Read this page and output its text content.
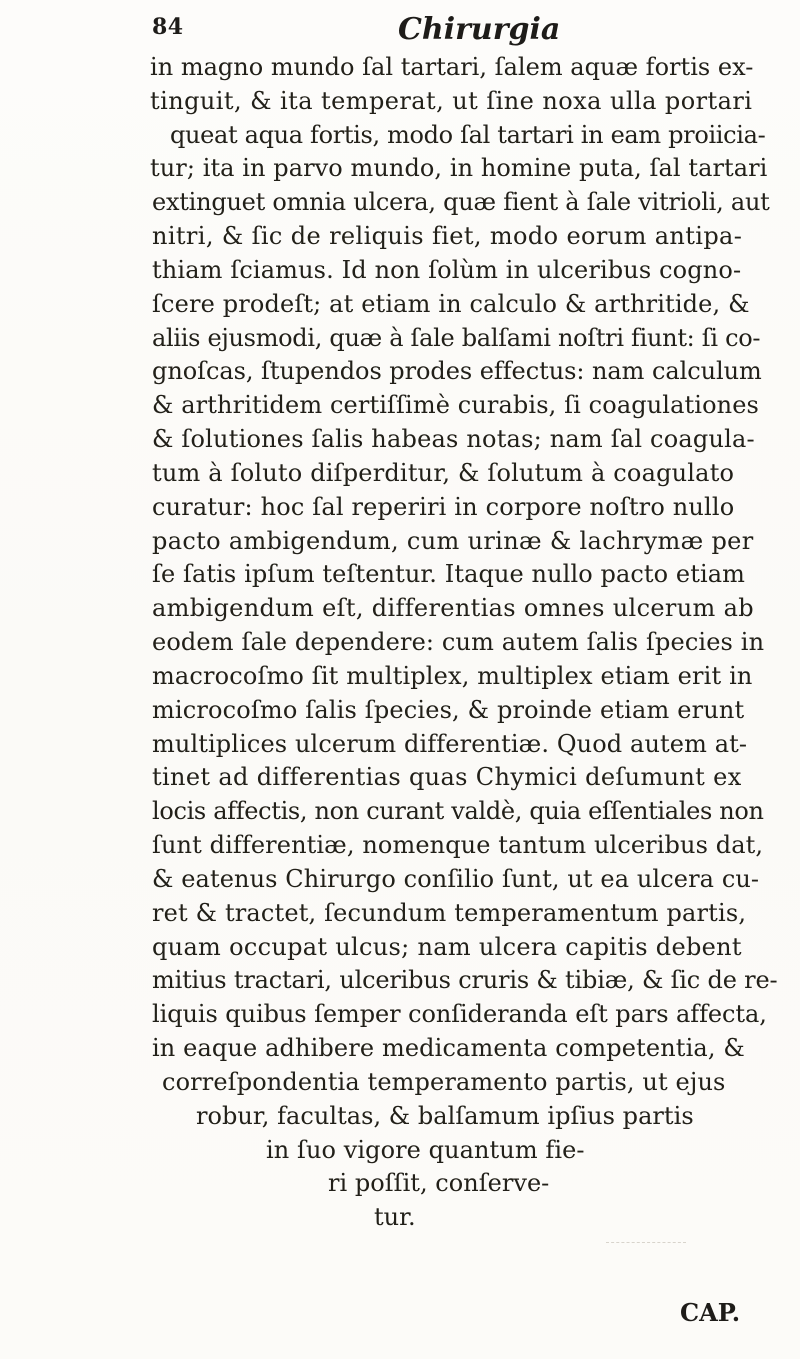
84	Chirurgia
in magno mundo ſal tartari, ſalem aquæ fortis ex-
tinguit, & ita temperat, ut ſine noxa ulla portari
queat aqua fortis, modo ſal tartari in eam proiicia-
tur; ita in parvo mundo, in homine puta, ſal tartari
extinguet omnia ulcera, quæ fient à ſale vitrioli, aut
nitri, & ſic de reliquis fiet, modo eorum antipa-
thiam ſciamus. Id non ſolùm in ulceribus cogno-
ſcere prodeſt; at etiam in calculo & arthritide, &
aliis ejusmodi, quæ à ſale balſami noſtri fiunt: ſi co-
gnoſcas, ſtupendos prodes effectus: nam calculum
& arthritidem certiſſimè curabis, ſi coagulationes
& ſolutiones ſalis habeas notas; nam ſal coagula-
tum à ſoluto diſperditur, & ſolutum à coagulato
curatur: hoc ſal reperiri in corpore noſtro nullo
pacto ambigendum, cum urinæ & lachrymæ per
ſe ſatis ipſum teſtentur. Itaque nullo pacto etiam
ambigendum eſt, differentias omnes ulcerum ab
eodem ſale dependere: cum autem ſalis ſpecies in
macrocoſmo ſit multiplex, multiplex etiam erit in
microcoſmo ſalis ſpecies, & proinde etiam erunt
multiplices ulcerum differentiæ. Quod autem at-
tinet ad differentias quas Chymici deſumunt ex
locis affectis, non curant valdè, quia eſſentiales non
ſunt differentiæ, nomenque tantum ulceribus dat,
& eatenus Chirurgo conſilio ſunt, ut ea ulcera cu-
ret & tractet, ſecundum temperamentum partis,
quam occupat ulcus; nam ulcera capitis debent
mitius tractari, ulceribus cruris & tibiæ, & ſic de re-
liquis quibus ſemper conſideranda eſt pars affecta,
in eaque adhibere medicamenta competentia, &
correſpondentia temperamento partis, ut ejus
robur, facultas, & balſamum ipſius partis
in ſuo vigore quantum fie-
ri poſſit, conſerve-
tur.
CAP.
